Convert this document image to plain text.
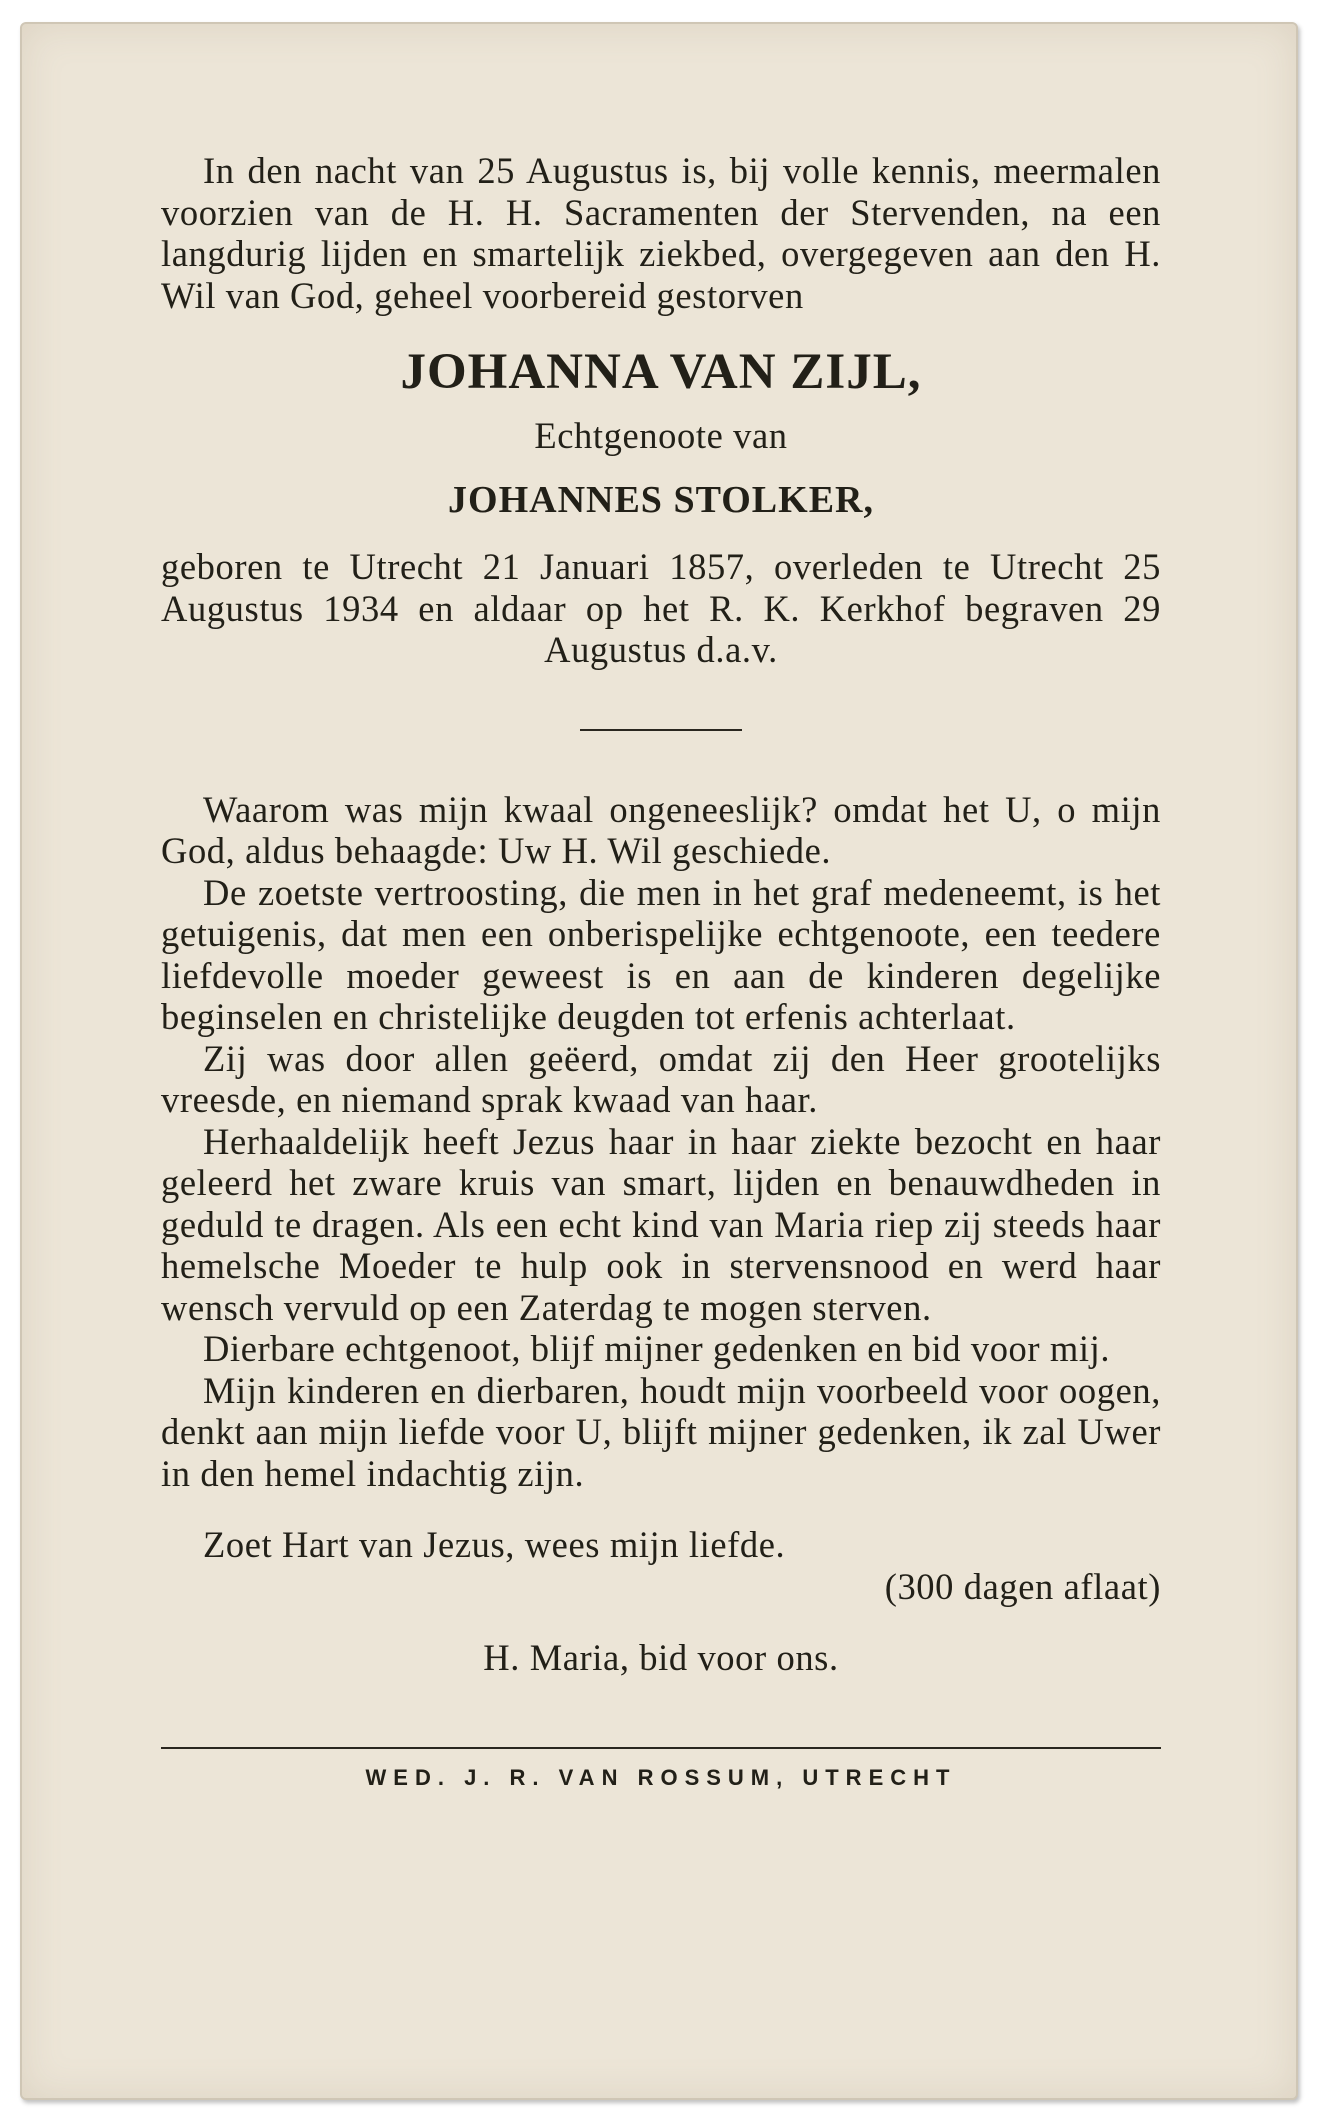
In den nacht van 25 Augustus is, bij volle kennis, meermalen voorzien van de H. H. Sacramenten der Stervenden, na een langdurig lijden en smartelijk ziekbed, overgegeven aan den H. Wil van God, geheel voorbereid gestorven

JOHANNA VAN ZIJL,
Echtgenoote van
JOHANNES STOLKER,

geboren te Utrecht 21 Januari 1857, overleden te Utrecht 25 Augustus 1934 en aldaar op het R. K. Kerkhof begraven 29 Augustus d.a.v.

Waarom was mijn kwaal ongeneeslijk? omdat het U, o mijn God, aldus behaagde: Uw H. Wil geschiede.

De zoetste vertroosting, die men in het graf medeneemt, is het getuigenis, dat men een onberispelijke echtgenoote, een teedere liefdevolle moeder geweest is en aan de kinderen degelijke beginselen en christelijke deugden tot erfenis achterlaat.

Zij was door allen geëerd, omdat zij den Heer grootelijks vreesde, en niemand sprak kwaad van haar.

Herhaaldelijk heeft Jezus haar in haar ziekte bezocht en haar geleerd het zware kruis van smart, lijden en benauwdheden in geduld te dragen. Als een echt kind van Maria riep zij steeds haar hemelsche Moeder te hulp ook in stervensnood en werd haar wensch vervuld op een Zaterdag te mogen sterven.

Dierbare echtgenoot, blijf mijner gedenken en bid voor mij.

Mijn kinderen en dierbaren, houdt mijn voorbeeld voor oogen, denkt aan mijn liefde voor U, blijft mijner gedenken, ik zal Uwer in den hemel indachtig zijn.

Zoet Hart van Jezus, wees mijn liefde.

(300 dagen aflaat)

H. Maria, bid voor ons.
WED. J. R. VAN ROSSUM, UTRECHT
